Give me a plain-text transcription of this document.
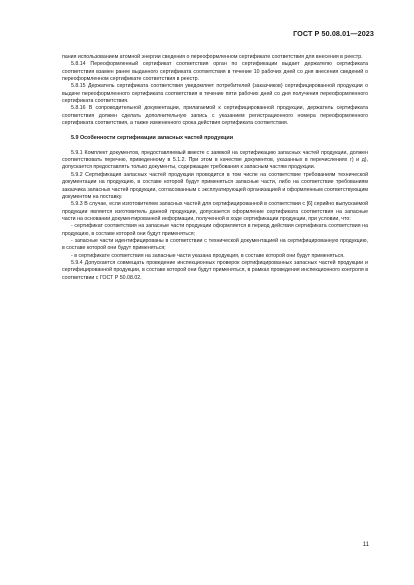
ГОСТ Р 50.08.01—2023

пания использованием атомной энергии сведения о переоформленном сертификате соответствия для внесения в реестр.

5.8.14 Переоформленный сертификат соответствия орган по сертификации выдает держателю сертификата соответствия взамен ранее выданного сертификата соответствия в течение 10 рабочих дней со дня внесения сведений о переоформленном сертификате соответствия в реестр.

5.8.15 Держатель сертификата соответствия уведомляет потребителей (заказчиков) сертифицированной продукции о выдаче переоформленного сертификата соответствия в течение пяти рабочих дней со дня получения переоформленного сертификата соответствия.

5.8.16 В сопроводительной документации, прилагаемой к сертифицированной продукции, держатель сертификата соответствия должен сделать дополнительную запись с указанием регистрационного номера переоформленного сертификата соответствия, а также измененного срока действия сертификата соответствия.

5.9 Особенности сертификации запасных частей продукции

5.9.1 Комплект документов, предоставляемый вместе с заявкой на сертификацию запасных частей продукции, должен соответствовать перечню, приведенному в 5.1.2. При этом в качестве документов, указанных в перечислениях г) и д), допускается предоставлять только документы, содержащие требования к запасным частям продукции.

5.9.2 Сертификация запасных частей продукции проводится в том числе на соответствие требованиям технической документации на продукцию, в составе которой будут применяться запасные части, либо на соответствие требованиям заказчика запасных частей продукции, согласованным с эксплуатирующей организацией и оформленным соответствующим документом на поставку.

5.9.3 В случае, если изготовителем запасных частей для сертифицированной в соответствии с [6] серийно выпускаемой продукции является изготовитель данной продукции, допускается оформление сертификата соответствия на запасные части на основании документированной информации, полученной в ходе сертификации продукции, при условии, что:

- сертификат соответствия на запасные части продукции оформляется в период действия сертификата соответствия на продукцию, в составе которой они будут применяться;

- запасные части идентифицированы в соответствии с технической документацией на сертифицированную продукцию, в составе которой они будут применяться;

- в сертификате соответствия на запасные части указана продукция, в составе которой они будут применяться.

5.9.4 Допускается совмещать проведение инспекционных проверок сертифицированных запасных частей продукции и сертифицированной продукции, в составе которой они будут применяться, в рамках проведения инспекционного контроля в соответствии с ГОСТ Р 50.08.02.

11
